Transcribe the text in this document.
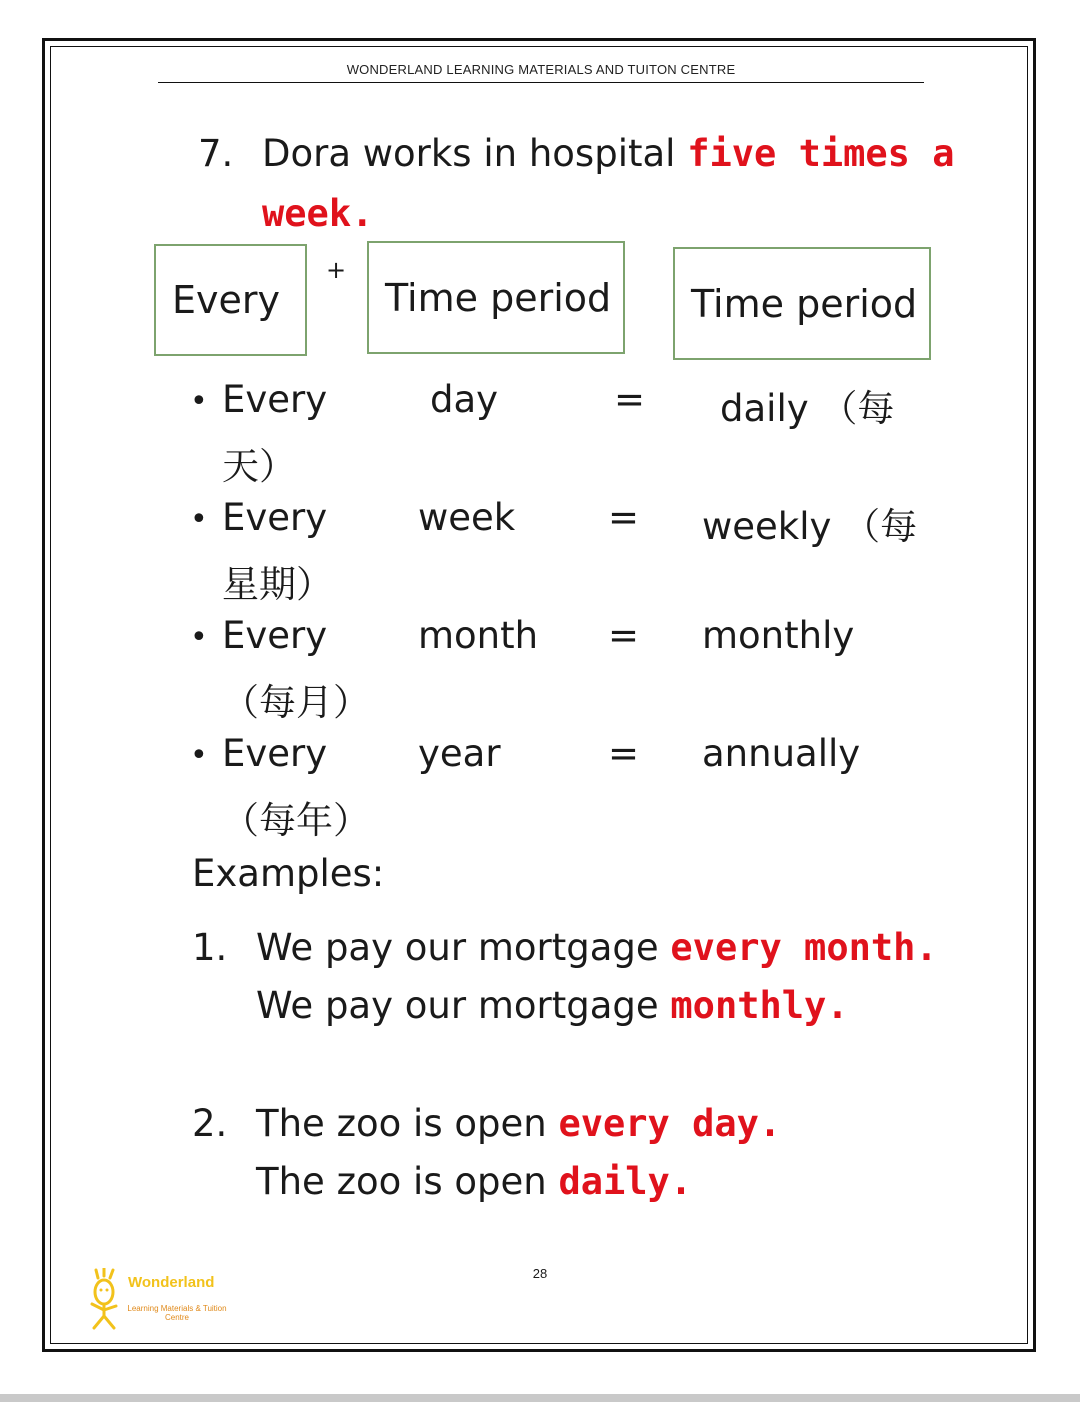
WONDERLAND LEARNING MATERIALS AND TUITON CENTRE
7. Dora works in hospital five times a
week.
Every
+
Time period Time period
• Every	day	= daily （每
天）
• Every week	= weekly （每
星期）
• Every month = monthly
（每月）
• Every year	= annually
（每年）
Examples:
1. We pay our mortgage every month.
We pay our mortgage monthly.
2. The zoo is open every day.
The zoo is open daily.
28
Wonderland
Learning Materials & Tuition Centre
